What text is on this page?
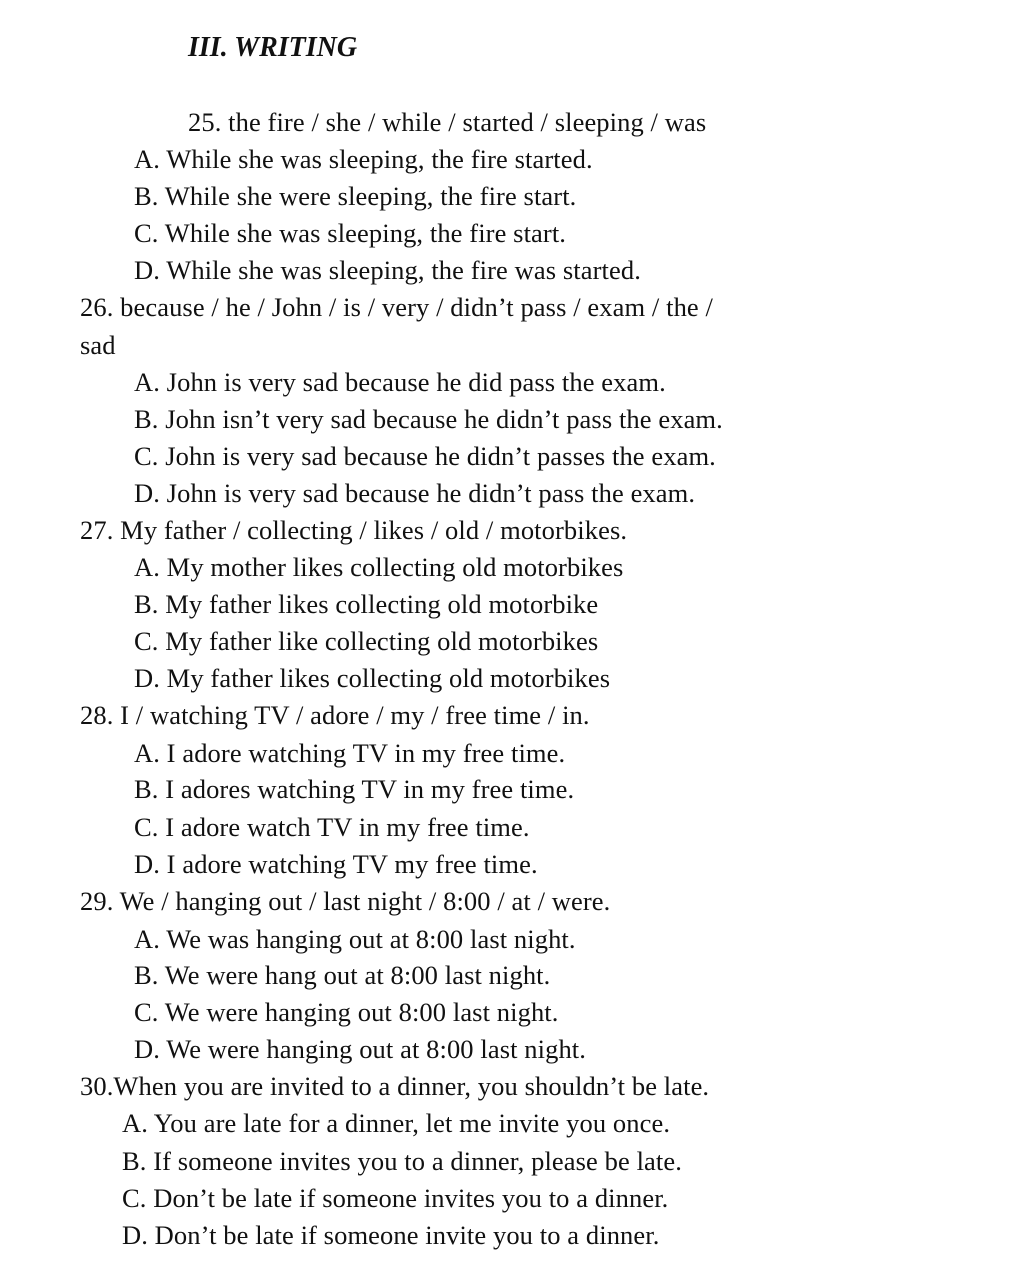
III. WRITING
25. the fire / she / while / started / sleeping / was
A. While she was sleeping, the fire started.
B. While she were sleeping, the fire start.
C. While she was sleeping, the fire start.
D. While she was sleeping, the fire was started.
26. because / he / John / is / very / didn’t pass / exam / the /
sad
A. John is very sad because he did pass the exam.
B. John isn’t very sad because he didn’t pass the exam.
C. John is very sad because he didn’t passes the exam.
D. John is very sad because he didn’t pass the exam.
27. My father / collecting / likes / old / motorbikes.
A. My mother likes collecting old motorbikes
B. My father likes collecting old motorbike
C. My father like collecting old motorbikes
D. My father likes collecting old motorbikes
28. I / watching TV / adore / my / free time / in.
A. I adore watching TV in my free time.
B. I adores watching TV in my free time.
C. I adore watch TV in my free time.
D. I adore watching TV my free time.
29. We / hanging out / last night / 8:00 / at / were.
A. We was hanging out at 8:00 last night.
B. We were hang out at 8:00 last night.
C. We were hanging out 8:00 last night.
D. We were hanging out at 8:00 last night.
30.When you are invited to a dinner, you shouldn’t be late.
A. You are late for a dinner, let me invite you once.
B. If someone invites you to a dinner, please be late.
C. Don’t be late if someone invites you to a dinner.
D. Don’t be late if someone invite you to a dinner.
